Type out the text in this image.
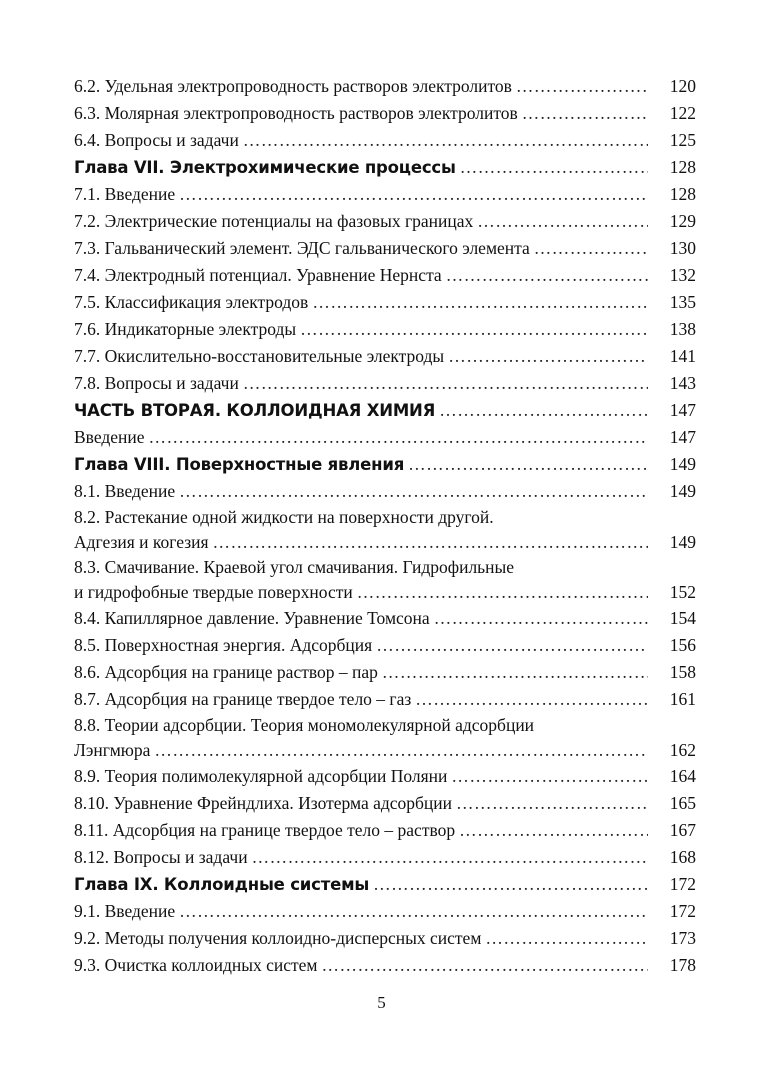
6.2. Удельная электропроводность растворов электролитов ………………………………………………………………………………………………………………………………………………………………………	120
6.3. Молярная электропроводность растворов электролитов ………………………………………………………………………………………………………………………………………………………………………	122
6.4. Вопросы и задачи ………………………………………………………………………………………………………………………………………………………………………	125
Глава VII. Электрохимические процессы ………………………………………………………………………………………………………………………………………………………………………	128
7.1. Введение ………………………………………………………………………………………………………………………………………………………………………	128
7.2. Электрические потенциалы на фазовых границах ………………………………………………………………………………………………………………………………………………………………………	129
7.3. Гальванический элемент. ЭДС гальванического элемента ………………………………………………………………………………………………………………………………………………………………………	130
7.4. Электродный потенциал. Уравнение Нернста ………………………………………………………………………………………………………………………………………………………………………	132
7.5. Классификация электродов ………………………………………………………………………………………………………………………………………………………………………	135
7.6. Индикаторные электроды ………………………………………………………………………………………………………………………………………………………………………	138
7.7. Окислительно-восстановительные электроды ………………………………………………………………………………………………………………………………………………………………………	141
7.8. Вопросы и задачи ………………………………………………………………………………………………………………………………………………………………………	143
ЧАСТЬ ВТОРАЯ. КОЛЛОИДНАЯ ХИМИЯ ………………………………………………………………………………………………………………………………………………………………………	147
Введение ………………………………………………………………………………………………………………………………………………………………………	147
Глава VIII. Поверхностные явления ………………………………………………………………………………………………………………………………………………………………………	149
8.1. Введение ………………………………………………………………………………………………………………………………………………………………………	149
8.2. Растекание одной жидкости на поверхности другой.
Адгезия и когезия ………………………………………………………………………………………………………………………………………………………………………	149
8.3. Смачивание. Краевой угол смачивания. Гидрофильные
и гидрофобные твердые поверхности ………………………………………………………………………………………………………………………………………………………………………	152
8.4. Капиллярное давление. Уравнение Томсона ………………………………………………………………………………………………………………………………………………………………………	154
8.5. Поверхностная энергия. Адсорбция ………………………………………………………………………………………………………………………………………………………………………	156
8.6. Адсорбция на границе раствор – пар ………………………………………………………………………………………………………………………………………………………………………	158
8.7. Адсорбция на границе твердое тело – газ ………………………………………………………………………………………………………………………………………………………………………	161
8.8. Теории адсорбции. Теория мономолекулярной адсорбции
Лэнгмюра ………………………………………………………………………………………………………………………………………………………………………	162
8.9. Теория полимолекулярной адсорбции Поляни ………………………………………………………………………………………………………………………………………………………………………	164
8.10. Уравнение Фрейндлиха. Изотерма адсорбции ………………………………………………………………………………………………………………………………………………………………………	165
8.11. Адсорбция на границе твердое тело – раствор ………………………………………………………………………………………………………………………………………………………………………	167
8.12. Вопросы и задачи ………………………………………………………………………………………………………………………………………………………………………	168
Глава IX. Коллоидные системы ………………………………………………………………………………………………………………………………………………………………………	172
9.1. Введение ………………………………………………………………………………………………………………………………………………………………………	172
9.2. Методы получения коллоидно-дисперсных систем ………………………………………………………………………………………………………………………………………………………………………	173
9.3. Очистка коллоидных систем ………………………………………………………………………………………………………………………………………………………………………	178
5
